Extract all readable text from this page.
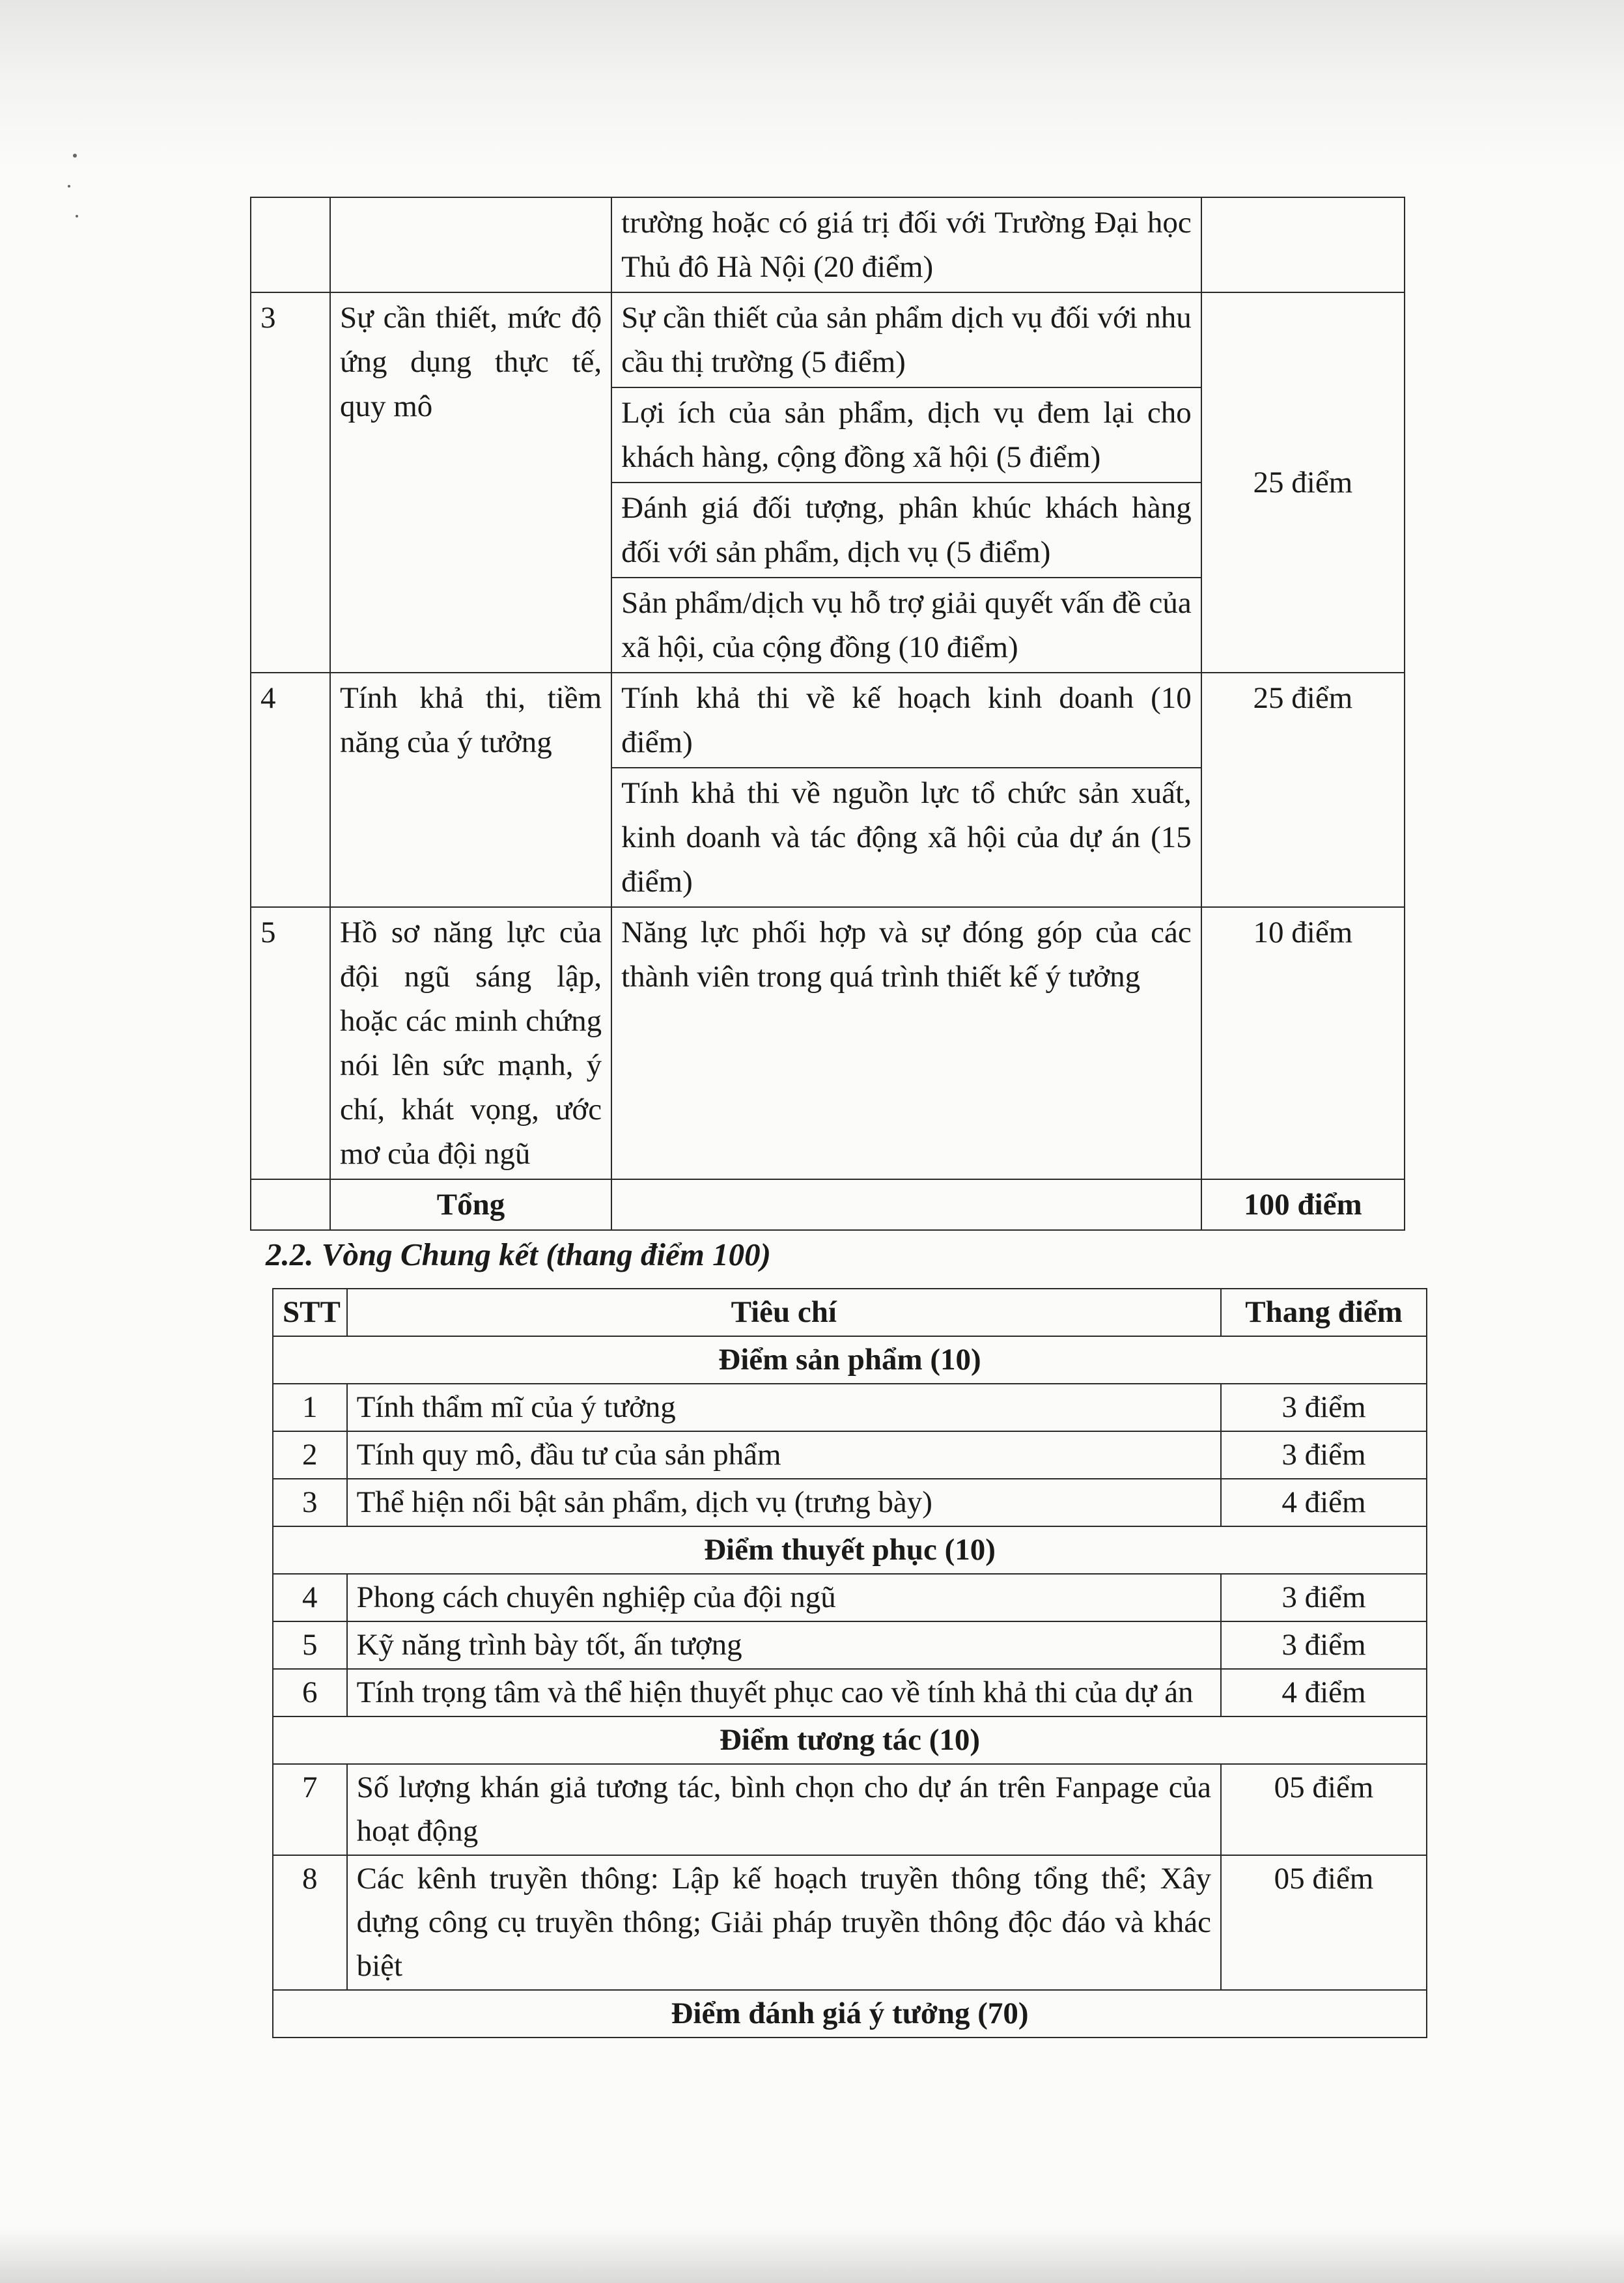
		trường hoặc có giá trị đối với Trường Đại học Thủ đô Hà Nội (20 điểm)	
3	Sự cần thiết, mức độ ứng dụng thực tế, quy mô	Sự cần thiết của sản phẩm dịch vụ đối với nhu cầu thị trường (5 điểm)	25 điểm
		Lợi ích của sản phẩm, dịch vụ đem lại cho khách hàng, cộng đồng xã hội (5 điểm)	
		Đánh giá đối tượng, phân khúc khách hàng đối với sản phẩm, dịch vụ (5 điểm)	
		Sản phẩm/dịch vụ hỗ trợ giải quyết vấn đề của xã hội, của cộng đồng (10 điểm)	
4	Tính khả thi, tiềm năng của ý tưởng	Tính khả thi về kế hoạch kinh doanh (10 điểm)	25 điểm
		Tính khả thi về nguồn lực tổ chức sản xuất, kinh doanh và tác động xã hội của dự án (15 điểm)	
5	Hồ sơ năng lực của đội ngũ sáng lập, hoặc các minh chứng nói lên sức mạnh, ý chí, khát vọng, ước mơ của đội ngũ	Năng lực phối hợp và sự đóng góp của các thành viên trong quá trình thiết kế ý tưởng	10 điểm
	Tổng		100 điểm
2.2. Vòng Chung kết (thang điểm 100)
STT	Tiêu chí	Thang điểm
Điểm sản phẩm (10)		
1	Tính thẩm mĩ của ý tưởng	3 điểm
2	Tính quy mô, đầu tư của sản phẩm	3 điểm
3	Thể hiện nổi bật sản phẩm, dịch vụ (trưng bày)	4 điểm
Điểm thuyết phục (10)		
4	Phong cách chuyên nghiệp của đội ngũ	3 điểm
5	Kỹ năng trình bày tốt, ấn tượng	3 điểm
6	Tính trọng tâm và thể hiện thuyết phục cao về tính khả thi của dự án	4 điểm
Điểm tương tác (10)		
7	Số lượng khán giả tương tác, bình chọn cho dự án trên Fanpage của hoạt động	05 điểm
8	Các kênh truyền thông: Lập kế hoạch truyền thông tổng thể; Xây dựng công cụ truyền thông; Giải pháp truyền thông độc đáo và khác biệt	05 điểm
Điểm đánh giá ý tưởng (70)		
